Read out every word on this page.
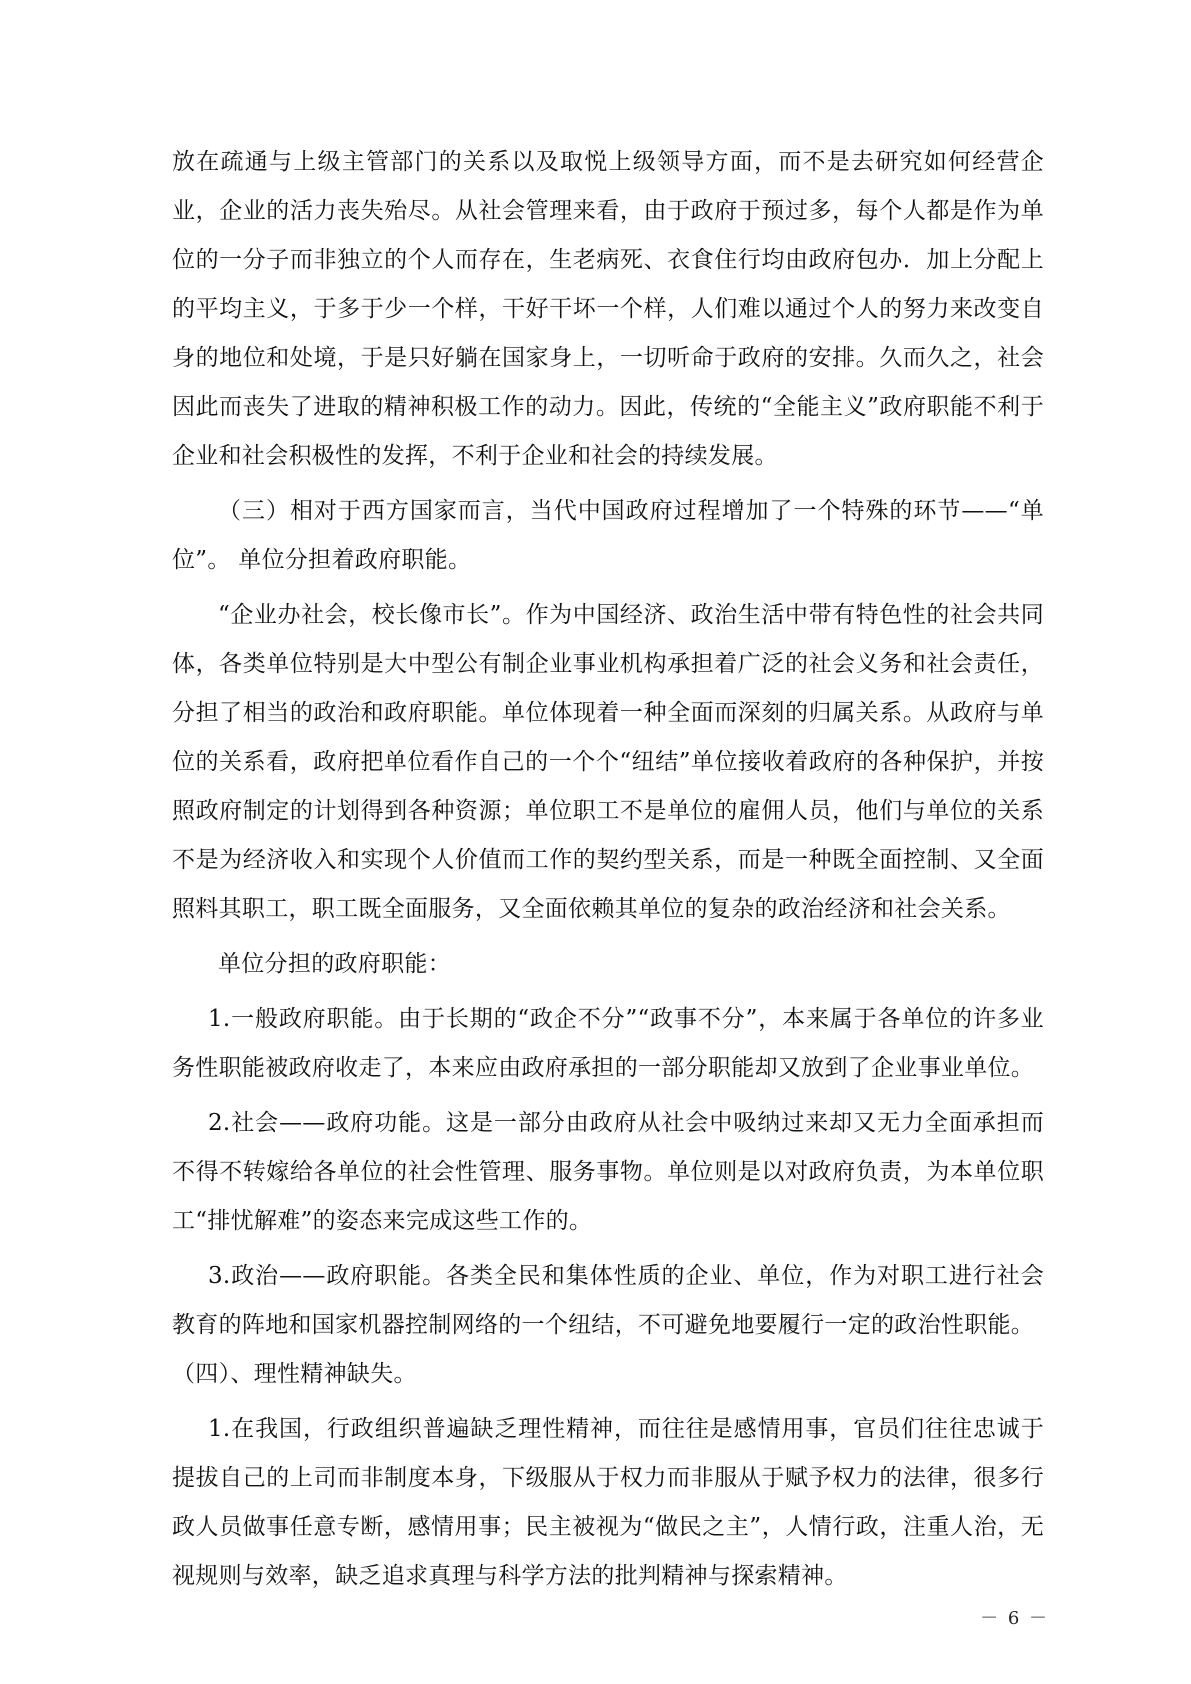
放在疏通与上级主管部门的关系以及取悦上级领导方面，而不是去研究如何经营企业，企业的活力丧失殆尽。从社会管理来看，由于政府于预过多，每个人都是作为单位的一分子而非独立的个人而存在，生老病死、衣食住行均由政府包办．加上分配上的平均主义，于多于少一个样，干好干坏一个样，人们难以通过个人的努力来改变自身的地位和处境，于是只好躺在国家身上，一切听命于政府的安排。久而久之，社会因此而丧失了进取的精神积极工作的动力。因此，传统的“全能主义”政府职能不利于企业和社会积极性的发挥，不利于企业和社会的持续发展。

（三）相对于西方国家而言，当代中国政府过程增加了一个特殊的环节——“单位”。 单位分担着政府职能。

“企业办社会，校长像市长”。作为中国经济、政治生活中带有特色性的社会共同体，各类单位特别是大中型公有制企业事业机构承担着广泛的社会义务和社会责任，分担了相当的政治和政府职能。单位体现着一种全面而深刻的归属关系。从政府与单位的关系看，政府把单位看作自己的一个个“纽结”单位接收着政府的各种保护，并按照政府制定的计划得到各种资源；单位职工不是单位的雇佣人员，他们与单位的关系不是为经济收入和实现个人价值而工作的契约型关系，而是一种既全面控制、又全面照料其职工，职工既全面服务，又全面依赖其单位的复杂的政治经济和社会关系。

单位分担的政府职能：

1.一般政府职能。由于长期的“政企不分”“政事不分”，本来属于各单位的许多业务性职能被政府收走了，本来应由政府承担的一部分职能却又放到了企业事业单位。

2.社会——政府功能。这是一部分由政府从社会中吸纳过来却又无力全面承担而不得不转嫁给各单位的社会性管理、服务事物。单位则是以对政府负责，为本单位职工“排忧解难”的姿态来完成这些工作的。

3.政治——政府职能。各类全民和集体性质的企业、单位，作为对职工进行社会教育的阵地和国家机器控制网络的一个纽结，不可避免地要履行一定的政治性职能。

（四）、理性精神缺失。

1.在我国，行政组织普遍缺乏理性精神，而往往是感情用事，官员们往往忠诚于提拔自己的上司而非制度本身，下级服从于权力而非服从于赋予权力的法律，很多行政人员做事任意专断，感情用事；民主被视为“做民之主”，人情行政，注重人治，无视规则与效率，缺乏追求真理与科学方法的批判精神与探索精神。

－ 6 －
